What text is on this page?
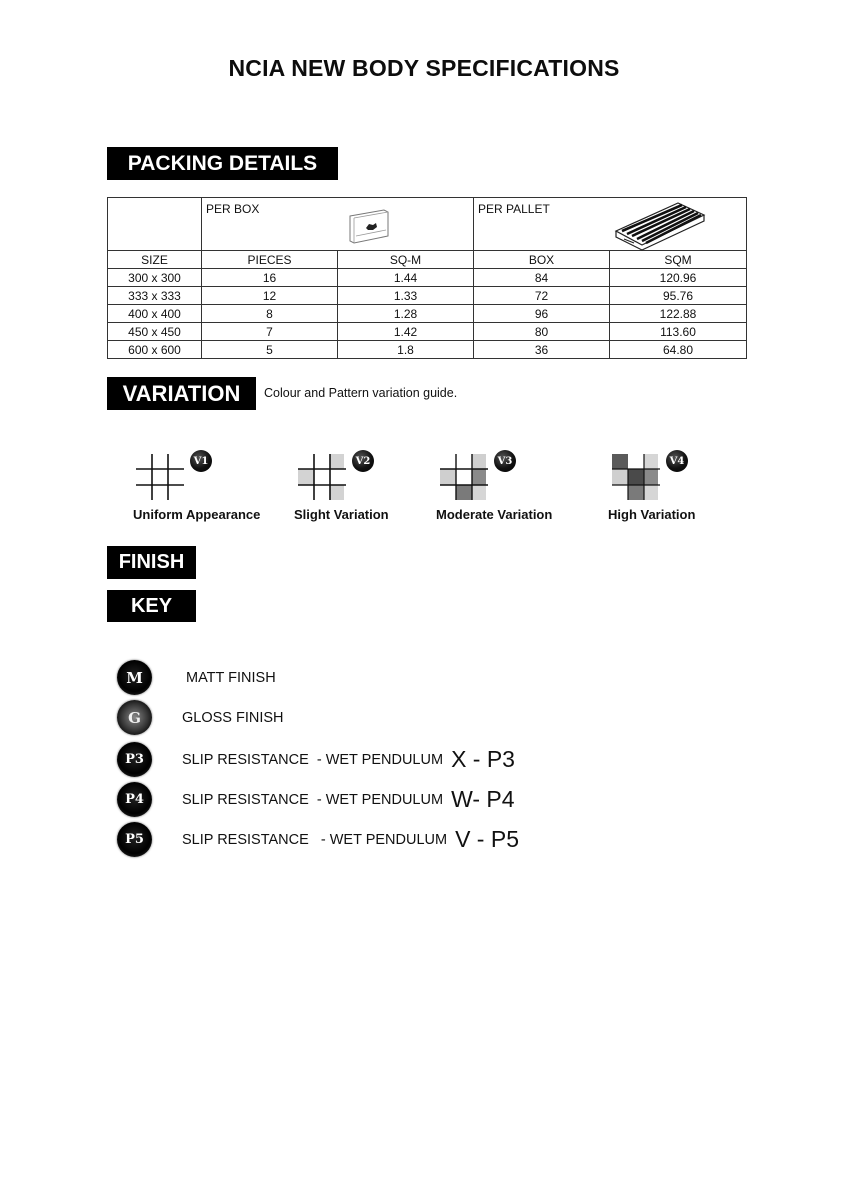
NCIA NEW BODY SPECIFICATIONS
PACKING DETAILS
	PER BOX		PER PALLET	

SIZE	PIECES	SQ-M	BOX	SQM
300 x 300	16	1.44	84	120.96
333 x 333	12	1.33	72	95.76
400 x 400	8	1.28	96	122.88
450 x 450	7	1.42	80	113.60
600 x 600	5	1.8	36	64.80
VARIATION	Colour and Pattern variation guide.
V1
Uniform Appearance
V2
Slight Variation
V3
Moderate Variation
V4
High Variation
FINISH
KEY
M	MATT FINISH
G	GLOSS FINISH
P3	SLIP RESISTANCE  - WET PENDULUM X - P3
P4	SLIP RESISTANCE  - WET PENDULUM W- P4
P5	SLIP RESISTANCE   - WET PENDULUM V - P5
